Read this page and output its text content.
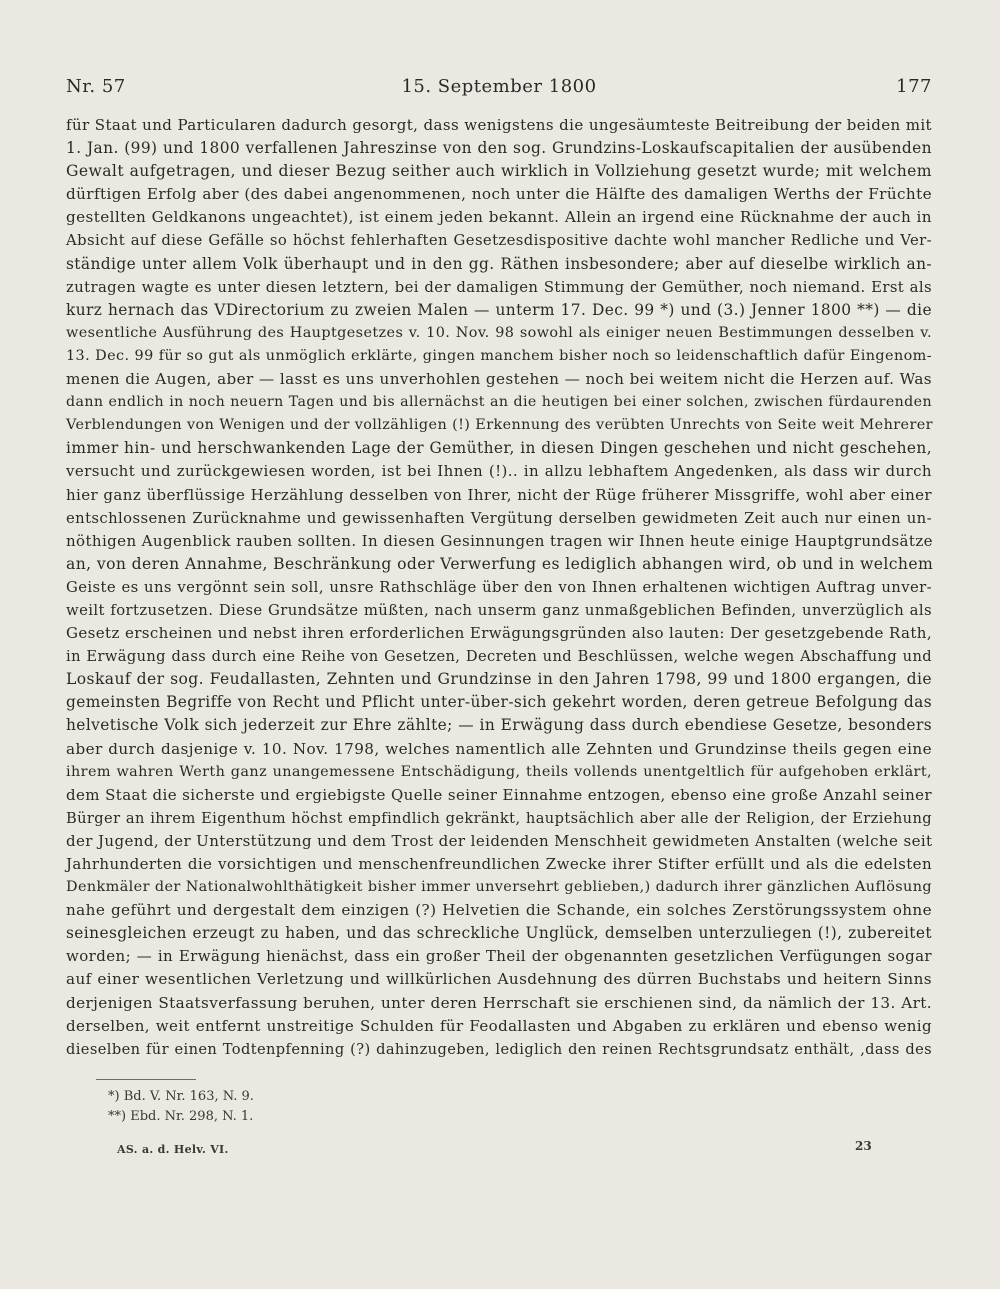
Nr. 57	15. September 1800	177
für Staat und Particularen dadurch gesorgt, dass wenigstens die ungesäumteste Beitreibung der beiden mit
1. Jan. (99) und 1800 verfallenen Jahreszinse von den sog. Grundzins-Loskaufscapitalien der ausübenden
Gewalt aufgetragen, und dieser Bezug seither auch wirklich in Vollziehung gesetzt wurde; mit welchem
dürftigen Erfolg aber (des dabei angenommenen, noch unter die Hälfte des damaligen Werths der Früchte
gestellten Geldkanons ungeachtet), ist einem jeden bekannt. Allein an irgend eine Rücknahme der auch in
Absicht auf diese Gefälle so höchst fehlerhaften Gesetzesdispositive dachte wohl mancher Redliche und Ver-
ständige unter allem Volk überhaupt und in den gg. Räthen insbesondere; aber auf dieselbe wirklich an-
zutragen wagte es unter diesen letztern, bei der damaligen Stimmung der Gemüther, noch niemand. Erst als
kurz hernach das VDirectorium zu zweien Malen — unterm 17. Dec. 99 *) und (3.) Jenner 1800 **) — die
wesentliche Ausführung des Hauptgesetzes v. 10. Nov. 98 sowohl als einiger neuen Bestimmungen desselben v.
13. Dec. 99 für so gut als unmöglich erklärte, gingen manchem bisher noch so leidenschaftlich dafür Eingenom-
menen die Augen, aber — lasst es uns unverhohlen gestehen — noch bei weitem nicht die Herzen auf. Was
dann endlich in noch neuern Tagen und bis allernächst an die heutigen bei einer solchen, zwischen fürdaurenden
Verblendungen von Wenigen und der vollzähligen (!) Erkennung des verübten Unrechts von Seite weit Mehrerer
immer hin- und herschwankenden Lage der Gemüther, in diesen Dingen geschehen und nicht geschehen,
versucht und zurückgewiesen worden, ist bei Ihnen (!).. in allzu lebhaftem Angedenken, als dass wir durch
hier ganz überflüssige Herzählung desselben von Ihrer, nicht der Rüge früherer Missgriffe, wohl aber einer
entschlossenen Zurücknahme und gewissenhaften Vergütung derselben gewidmeten Zeit auch nur einen un-
nöthigen Augenblick rauben sollten. In diesen Gesinnungen tragen wir Ihnen heute einige Hauptgrundsätze
an, von deren Annahme, Beschränkung oder Verwerfung es lediglich abhangen wird, ob und in welchem
Geiste es uns vergönnt sein soll, unsre Rathschläge über den von Ihnen erhaltenen wichtigen Auftrag unver-
weilt fortzusetzen. Diese Grundsätze müßten, nach unserm ganz unmaßgeblichen Befinden, unverzüglich als
Gesetz erscheinen und nebst ihren erforderlichen Erwägungsgründen also lauten: Der gesetzgebende Rath,
in Erwägung dass durch eine Reihe von Gesetzen, Decreten und Beschlüssen, welche wegen Abschaffung und
Loskauf der sog. Feudallasten, Zehnten und Grundzinse in den Jahren 1798, 99 und 1800 ergangen, die
gemeinsten Begriffe von Recht und Pflicht unter-über-sich gekehrt worden, deren getreue Befolgung das
helvetische Volk sich jederzeit zur Ehre zählte; — in Erwägung dass durch ebendiese Gesetze, besonders
aber durch dasjenige v. 10. Nov. 1798, welches namentlich alle Zehnten und Grundzinse theils gegen eine
ihrem wahren Werth ganz unangemessene Entschädigung, theils vollends unentgeltlich für aufgehoben erklärt,
dem Staat die sicherste und ergiebigste Quelle seiner Einnahme entzogen, ebenso eine große Anzahl seiner
Bürger an ihrem Eigenthum höchst empfindlich gekränkt, hauptsächlich aber alle der Religion, der Erziehung
der Jugend, der Unterstützung und dem Trost der leidenden Menschheit gewidmeten Anstalten (welche seit
Jahrhunderten die vorsichtigen und menschenfreundlichen Zwecke ihrer Stifter erfüllt und als die edelsten
Denkmäler der Nationalwohlthätigkeit bisher immer unversehrt geblieben,) dadurch ihrer gänzlichen Auflösung
nahe geführt und dergestalt dem einzigen (?) Helvetien die Schande, ein solches Zerstörungssystem ohne
seinesgleichen erzeugt zu haben, und das schreckliche Unglück, demselben unterzuliegen (!), zubereitet
worden; — in Erwägung hienächst, dass ein großer Theil der obgenannten gesetzlichen Verfügungen sogar
auf einer wesentlichen Verletzung und willkürlichen Ausdehnung des dürren Buchstabs und heitern Sinns
derjenigen Staatsverfassung beruhen, unter deren Herrschaft sie erschienen sind, da nämlich der 13. Art.
derselben, weit entfernt unstreitige Schulden für Feodallasten und Abgaben zu erklären und ebenso wenig
dieselben für einen Todtenpfenning (?) dahinzugeben, lediglich den reinen Rechtsgrundsatz enthält, ‚dass des
*) Bd. V. Nr. 163, N. 9.
**) Ebd. Nr. 298, N. 1.
AS. a. d. Helv. VI.	23
